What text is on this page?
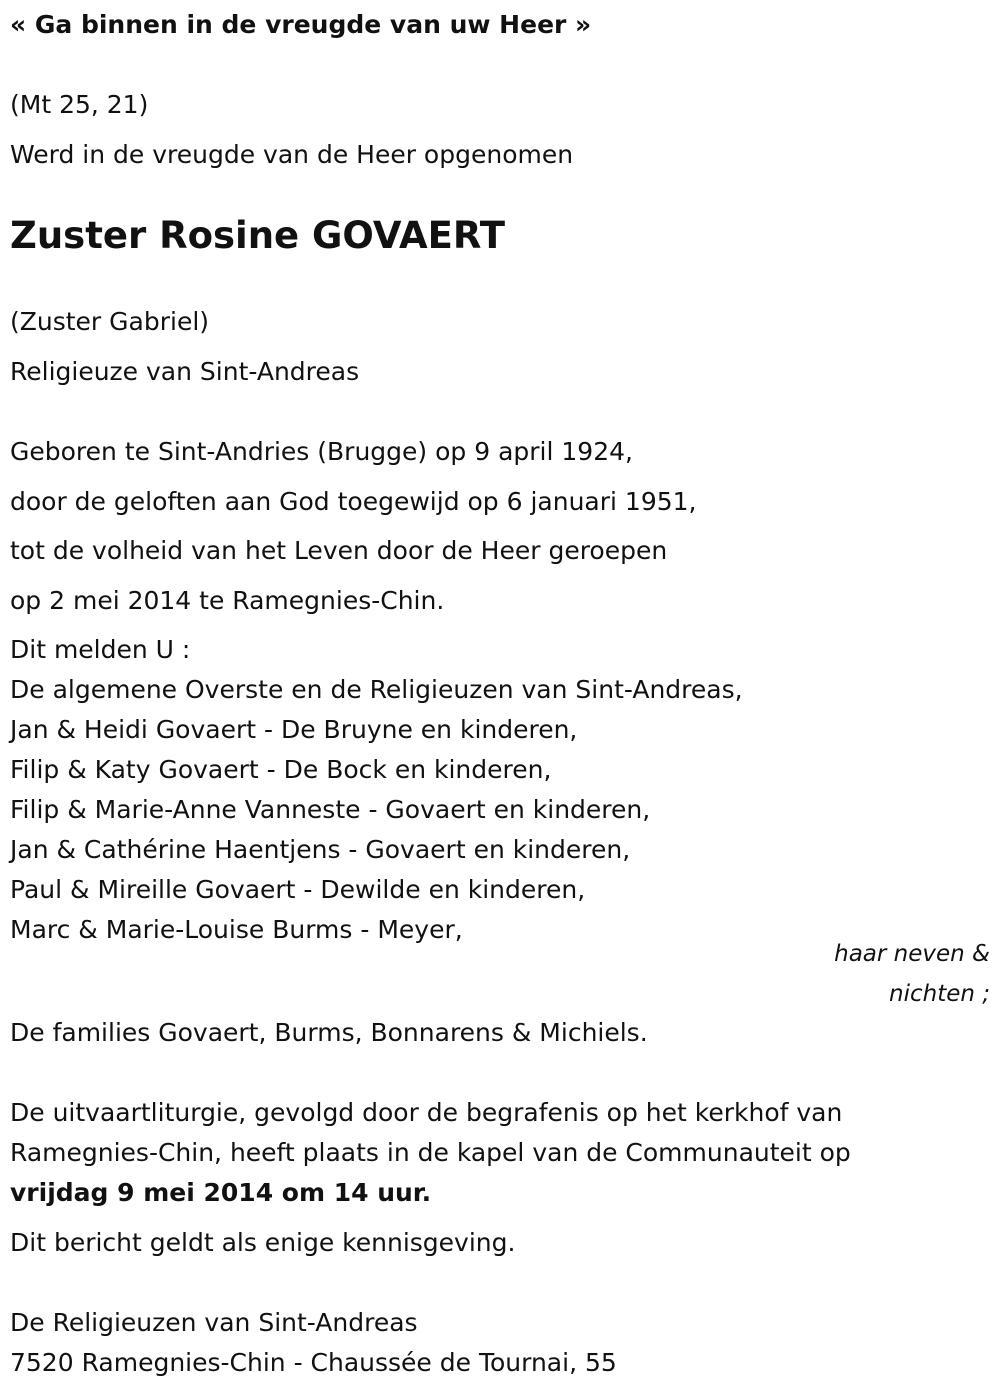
« Ga binnen in de vreugde van uw Heer »

(Mt 25, 21)

Werd in de vreugde van de Heer opgenomen

Zuster Rosine GOVAERT

(Zuster Gabriel)

Religieuze van Sint-Andreas

Geboren te Sint-Andries (Brugge) op 9 april 1924,

door de geloften aan God toegewijd op 6 januari 1951,

tot de volheid van het Leven door de Heer geroepen

op 2 mei 2014 te Ramegnies-Chin.

Dit melden U :

De algemene Overste en de Religieuzen van Sint-Andreas,

Jan & Heidi Govaert - De Bruyne en kinderen,

Filip & Katy Govaert - De Bock en kinderen,

Filip & Marie-Anne Vanneste - Govaert en kinderen,

Jan & Cathérine Haentjens - Govaert en kinderen,

Paul & Mireille Govaert - Dewilde en kinderen,

Marc & Marie-Louise Burms - Meyer,

haar neven &

nichten ;

De families Govaert, Burms, Bonnarens & Michiels.

De uitvaartliturgie, gevolgd door de begrafenis op het kerkhof van

Ramegnies-Chin, heeft plaats in de kapel van de Communauteit op

vrijdag 9 mei 2014 om 14 uur.

Dit bericht geldt als enige kennisgeving.

De Religieuzen van Sint-Andreas

7520 Ramegnies-Chin - Chaussée de Tournai, 55
